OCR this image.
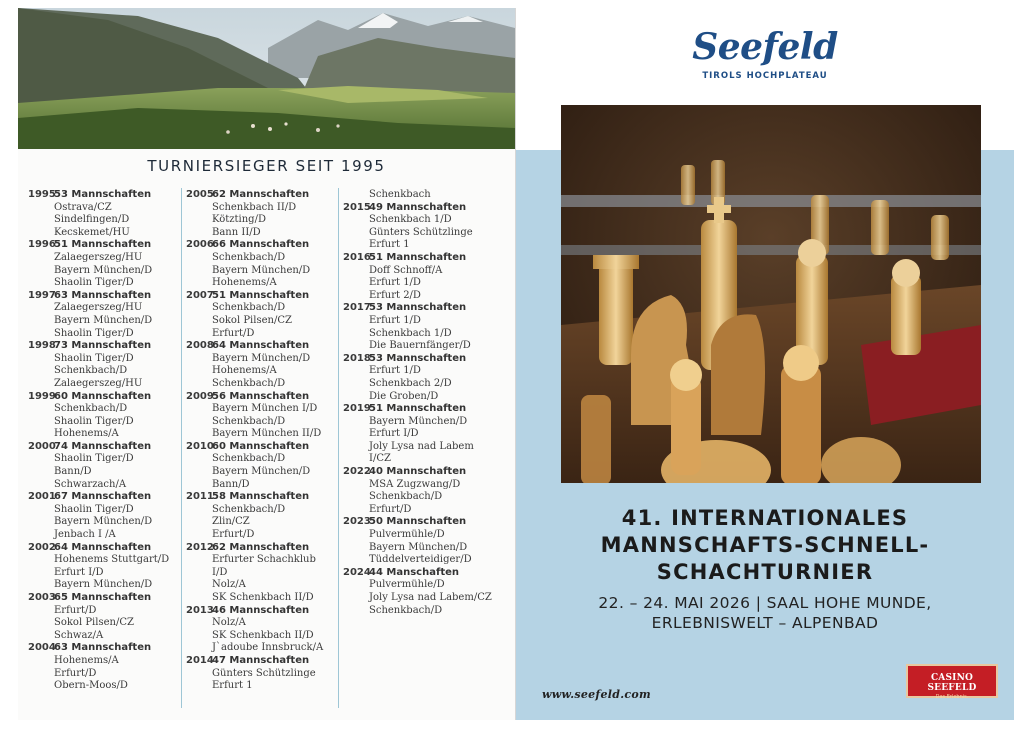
TURNIERSIEGER SEIT 1995
1995
53 Mannschaften
Ostrava/CZ
Sindelfingen/D
Kecskemet/HU
1996
51 Mannschaften
Zalaegerszeg/HU
Bayern München/D
Shaolin Tiger/D
1997
63 Mannschaften
Zalaegerszeg/HU
Bayern München/D
Shaolin Tiger/D
1998
73 Mannschaften
Shaolin Tiger/D
Schenkbach/D
Zalaegerszeg/HU
1999
60 Mannschaften
Schenkbach/D
Shaolin Tiger/D
Hohenems/A
2000
74 Mannschaften
Shaolin Tiger/D
Bann/D
Schwarzach/A
2001
67 Mannschaften
Shaolin Tiger/D
Bayern München/D
Jenbach I /A
2002
64 Mannschaften
Hohenems Stuttgart/D
Erfurt I/D
Bayern München/D
2003
65 Mannschaften
Erfurt/D
Sokol Pilsen/CZ
Schwaz/A
2004
63 Mannschaften
Hohenems/A
Erfurt/D
Obern-Moos/D
2005
62 Mannschaften
Schenkbach II/D
Kötzting/D
Bann II/D
2006
66 Mannschaften
Schenkbach/D
Bayern München/D
Hohenems/A
2007
51 Mannschaften
Schenkbach/D
Sokol Pilsen/CZ
Erfurt/D
2008
64 Mannschaften
Bayern München/D
Hohenems/A
Schenkbach/D
2009
56 Mannschaften
Bayern München I/D
Schenkbach/D
Bayern München II/D
2010
60 Mannschaften
Schenkbach/D
Bayern München/D
Bann/D
2011
58 Mannschaften
Schenkbach/D
Zlin/CZ
Erfurt/D
2012
62 Mannschaften
Erfurter Schachklub
I/D
Nolz/A
SK Schenkbach II/D
2013
46 Mannschaften
Nolz/A
SK Schenkbach II/D
J`adoube Innsbruck/A
2014
47 Mannschaften
Günters Schützlinge
Erfurt 1
Schenkbach
2015
49 Mannschaften
Schenkbach 1/D
Günters Schützlinge
Erfurt 1
2016
51 Mannschaften
Doff Schnoff/A
Erfurt 1/D
Erfurt 2/D
2017
53 Mannschaften
Erfurt 1/D
Schenkbach 1/D
Die Bauernfänger/D
2018
53 Mannschaften
Erfurt 1/D
Schenkbach 2/D
Die Groben/D
2019
51 Mannschaften
Bayern München/D
Erfurt I/D
Joly Lysa nad Labem
I/CZ
2022
40 Mannschaften
MSA Zugzwang/D
Schenkbach/D
Erfurt/D
2023
50 Mannschaften
Pulvermühle/D
Bayern München/D
Tüddelverteidiger/D
2024
44 Manschaften
Pulvermühle/D
Joly Lysa nad Labem/CZ
Schenkbach/D
Seefeld
TIROLS HOCHPLATEAU
41. INTERNATIONALES
MANNSCHAFTS-SCHNELL-
SCHACHTURNIER
22. – 24. MAI 2026 | SAAL HOHE MUNDE,
ERLEBNISWELT – ALPENBAD
www.seefeld.com
CASINO SEEFELD
Das Erlebnis.
